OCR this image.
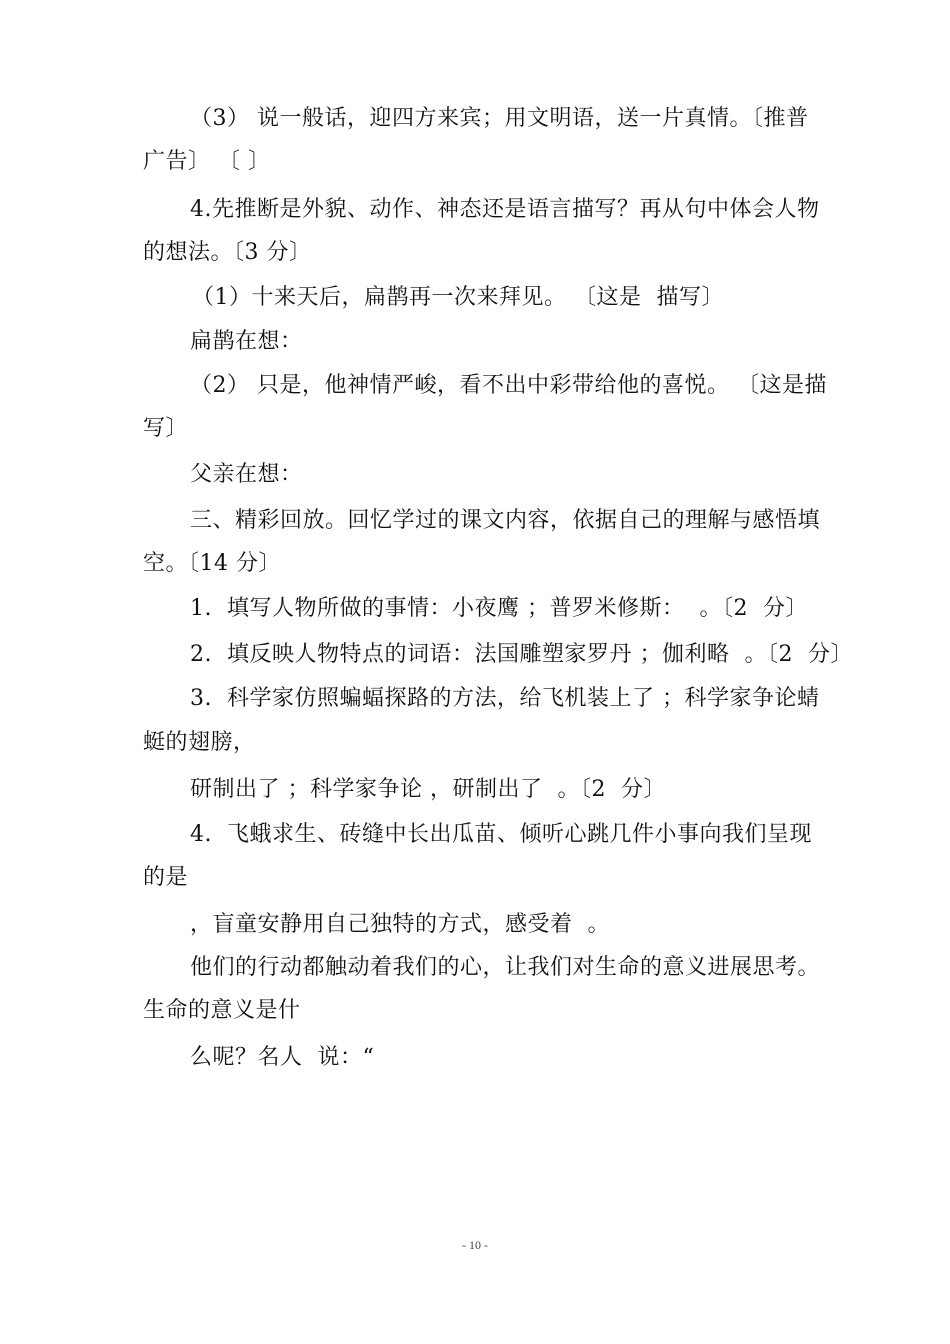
（3） 说一般话，迎四方来宾；用文明语，送一片真情。〔推普
广告〕 〔 〕
4.先推断是外貌、动作、神态还是语言描写？再从句中体会人物
的想法。〔3 分〕
（1）十来天后，扁鹊再一次来拜见。 〔这是  描写〕
扁鹊在想：
（2） 只是，他神情严峻，看不出中彩带给他的喜悦。 〔这是描
写〕
父亲在想：
三、精彩回放。回忆学过的课文内容，依据自己的理解与感悟填
空。〔14 分〕
1.  填写人物所做的事情：小夜鹰 ；普罗米修斯：  。〔2  分〕
2.  填反映人物特点的词语：法国雕塑家罗丹 ；伽利略  。〔2  分〕
3.  科学家仿照蝙蝠探路的方法，给飞机装上了 ；科学家争论蜻
蜓的翅膀，
研制出了 ；科学家争论 ，研制出了  。〔2  分〕
4.  飞蛾求生、砖缝中长出瓜苗、倾听心跳几件小事向我们呈现
的是
，盲童安静用自己独特的方式，感受着  。
他们的行动都触动着我们的心，让我们对生命的意义进展思考。
生命的意义是什
么呢？名人  说：“
- 10 -
